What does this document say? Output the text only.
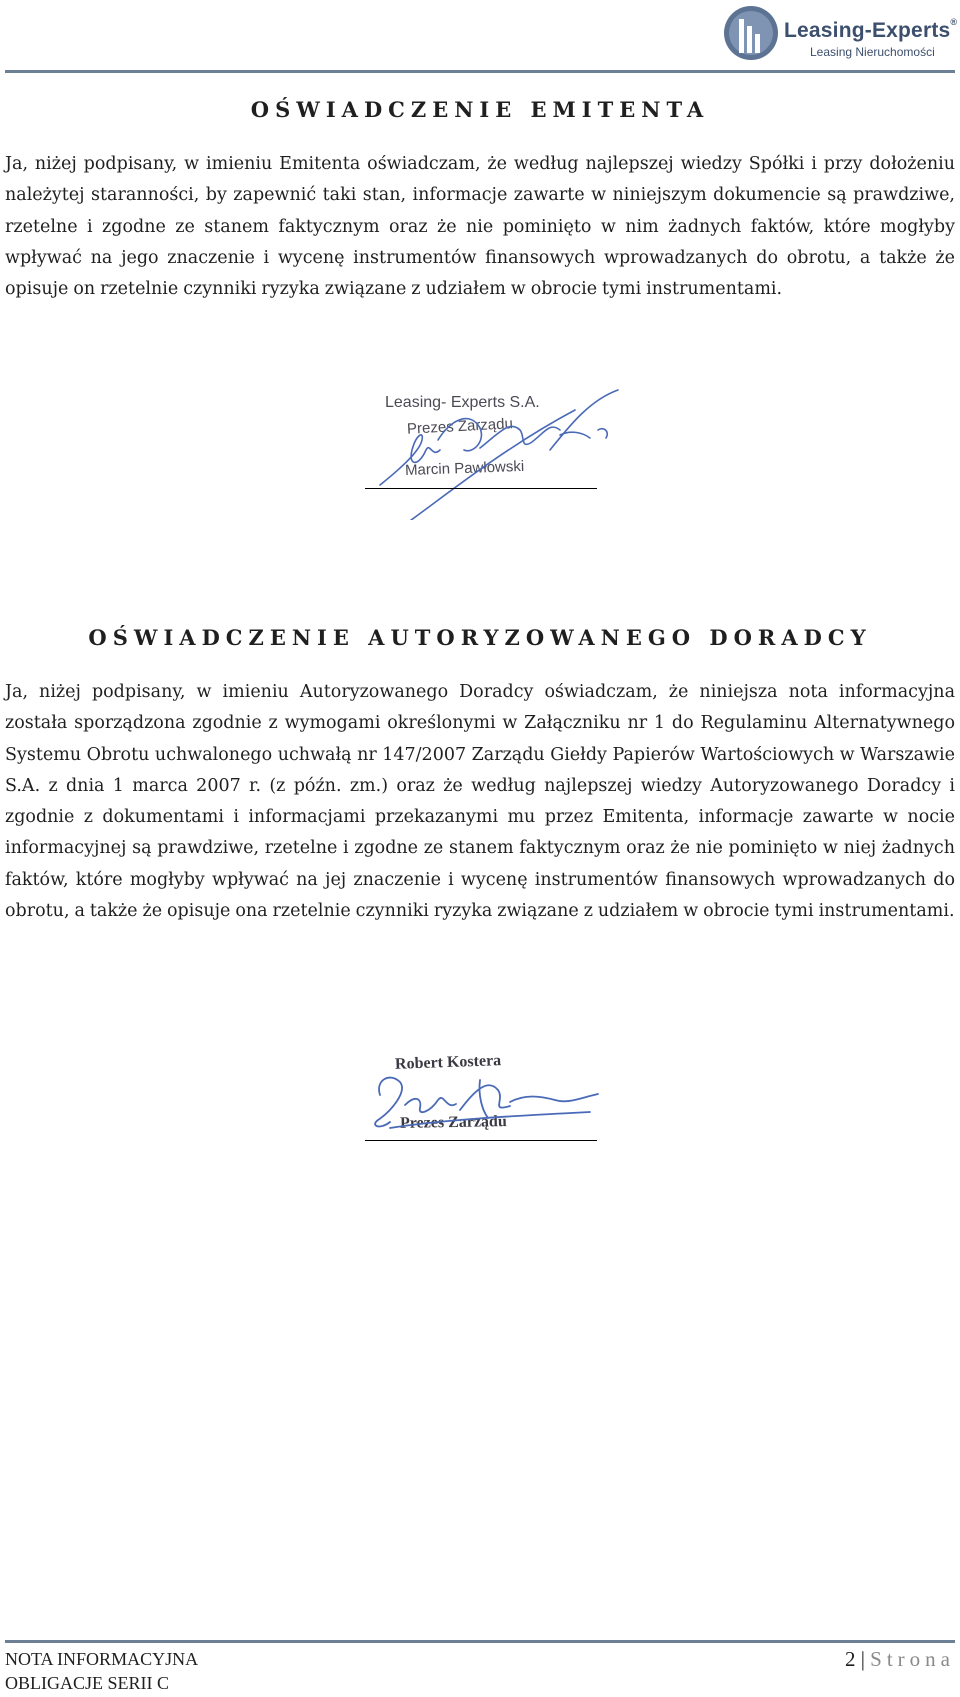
Leasing-Experts®
Leasing Nieruchomości
OŚWIADCZENIE EMITENTA

Ja, niżej podpisany, w imieniu Emitenta oświadczam, że według najlepszej wiedzy Spółki i przy dołożeniu należytej staranności, by zapewnić taki stan, informacje zawarte w niniejszym dokumencie są prawdziwe, rzetelne i zgodne ze stanem faktycznym oraz że nie pominięto w nim żadnych faktów, które mogłyby wpływać na jego znaczenie i wycenę instrumentów finansowych wprowadzanych do obrotu, a także że opisuje on rzetelnie czynniki ryzyka związane z udziałem w obrocie tymi instrumentami.

Leasing- Experts S.A.
Prezes Zarządu
Marcin Pawłowski
OŚWIADCZENIE AUTORYZOWANEGO DORADCY

Ja, niżej podpisany, w imieniu Autoryzowanego Doradcy oświadczam, że niniejsza nota informacyjna została sporządzona zgodnie z wymogami określonymi w Załączniku nr 1 do Regulaminu Alternatywnego Systemu Obrotu uchwalonego uchwałą nr 147/2007 Zarządu Giełdy Papierów Wartościowych w Warszawie S.A. z dnia 1 marca 2007 r. (z późn. zm.) oraz że według najlepszej wiedzy Autoryzowanego Doradcy i zgodnie z dokumentami i informacjami przekazanymi mu przez Emitenta, informacje zawarte w nocie informacyjnej są prawdziwe, rzetelne i zgodne ze stanem faktycznym oraz że nie pominięto w niej żadnych faktów, które mogłyby wpływać na jej znaczenie i wycenę instrumentów finansowych wprowadzanych do obrotu, a także że opisuje ona rzetelnie czynniki ryzyka związane z udziałem w obrocie tymi instrumentami.

Robert Kostera
Prezes Zarządu
NOTA INFORMACYJNA
OBLIGACJE SERII C
2 | Strona
